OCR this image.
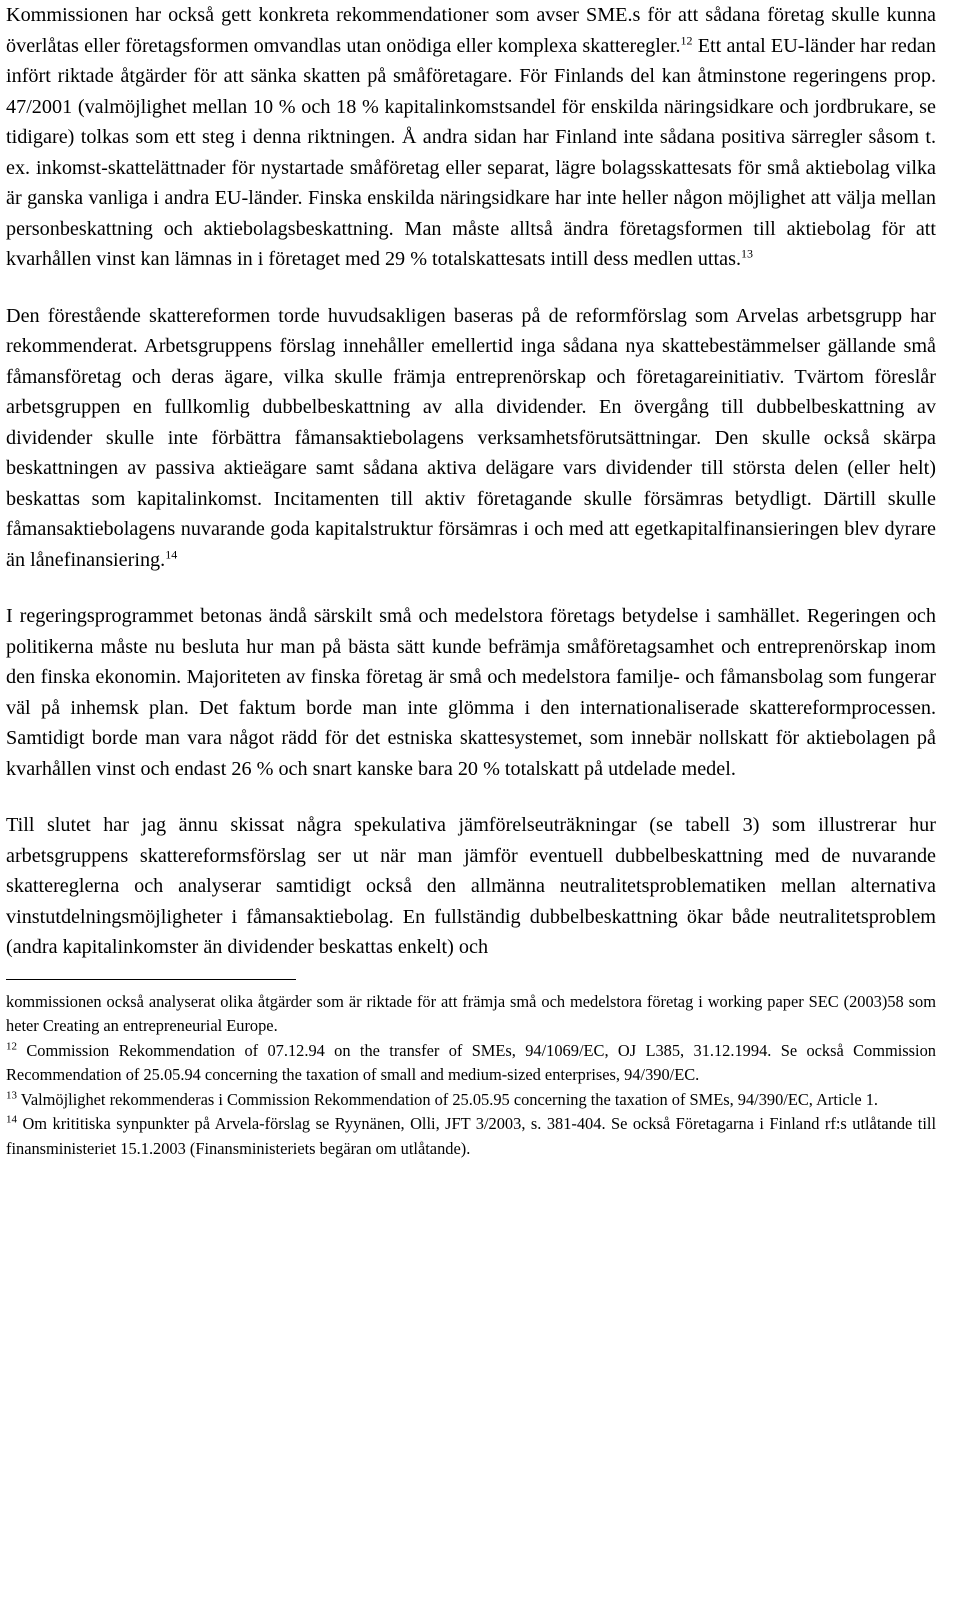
Kommissionen har också gett konkreta rekommendationer som avser SME.s för att sådana företag skulle kunna överlåtas eller företagsformen omvandlas utan onödiga eller komplexa skatteregler.$^{12}$ Ett antal EU-länder har redan infört riktade åtgärder för att sänka skatten på småföretagare. För Finlands del kan åtminstone regeringens prop. 47/2001 (valmöjlighet mellan 10 % och 18 % kapitalinkomstsandel för enskilda näringsidkare och jordbrukare, se tidigare) tolkas som ett steg i denna riktningen. Å andra sidan har Finland inte sådana positiva särregler såsom t. ex. inkomst-skattelättnader för nystartade småföretag eller separat, lägre bolagsskattesats för små aktiebolag vilka är ganska vanliga i andra EU-länder. Finska enskilda näringsidkare har inte heller någon möjlighet att välja mellan personbeskattning och aktiebolagsbeskattning. Man måste alltså ändra företagsformen till aktiebolag för att kvarhållen vinst kan lämnas in i företaget med 29 % totalskattesats intill dess medlen uttas.$^{13}$

Den förestående skattereformen torde huvudsakligen baseras på de reformförslag som Arvelas arbetsgrupp har rekommenderat. Arbetsgruppens förslag innehåller emellertid inga sådana nya skattebestämmelser gällande små fåmansföretag och deras ägare, vilka skulle främja entreprenörskap och företagareinitiativ. Tvärtom föreslår arbetsgruppen en fullkomlig dubbelbeskattning av alla dividender. En övergång till dubbelbeskattning av dividender skulle inte förbättra fåmansaktiebolagens verksamhetsförutsättningar. Den skulle också skärpa beskattningen av passiva aktieägare samt sådana aktiva delägare vars dividender till största delen (eller helt) beskattas som kapitalinkomst. Incitamenten till aktiv företagande skulle försämras betydligt. Därtill skulle fåmansaktiebolagens nuvarande goda kapitalstruktur försämras i och med att egetkapitalfinansieringen blev dyrare än lånefinansiering.$^{14}$

I regeringsprogrammet betonas ändå särskilt små och medelstora företags betydelse i samhället. Regeringen och politikerna måste nu besluta hur man på bästa sätt kunde befrämja småföretagsamhet och entreprenörskap inom den finska ekonomin. Majoriteten av finska företag är små och medelstora familje- och fåmansbolag som fungerar väl på inhemsk plan. Det faktum borde man inte glömma i den internationaliserade skattereformprocessen. Samtidigt borde man vara något rädd för det estniska skattesystemet, som innebär nollskatt för aktiebolagen på kvarhållen vinst och endast 26 % och snart kanske bara 20 % totalskatt på utdelade medel.

Till slutet har jag ännu skissat några spekulativa jämförelseuträkningar (se tabell 3) som illustrerar hur arbetsgruppens skattereformsförslag ser ut när man jämför eventuell dubbelbeskattning med de nuvarande skattereglerna och analyserar samtidigt också den allmänna neutralitetsproblematiken mellan alternativa vinstutdelningsmöjligheter i fåmansaktiebolag. En fullständig dubbelbeskattning ökar både neutralitetsproblem (andra kapitalinkomster än dividender beskattas enkelt) och

kommissionen också analyserat olika åtgärder som är riktade för att främja små och medelstora företag i working paper SEC (2003)58 som heter Creating an entrepreneurial Europe.

$^{12}$ Commission Rekommendation of 07.12.94 on the transfer of SMEs, 94/1069/EC, OJ L385, 31.12.1994. Se också Commission Recommendation of 25.05.94 concerning the taxation of small and medium-sized enterprises, 94/390/EC.

$^{13}$ Valmöjlighet rekommenderas i Commission Rekommendation of 25.05.95 concerning the taxation of SMEs, 94/390/EC, Article 1.

$^{14}$ Om krititiska synpunkter på Arvela-förslag se Ryynänen, Olli, JFT 3/2003, s. 381-404. Se också Företagarna i Finland rf:s utlåtande till finansministeriet 15.1.2003 (Finansministeriets begäran om utlåtande).
